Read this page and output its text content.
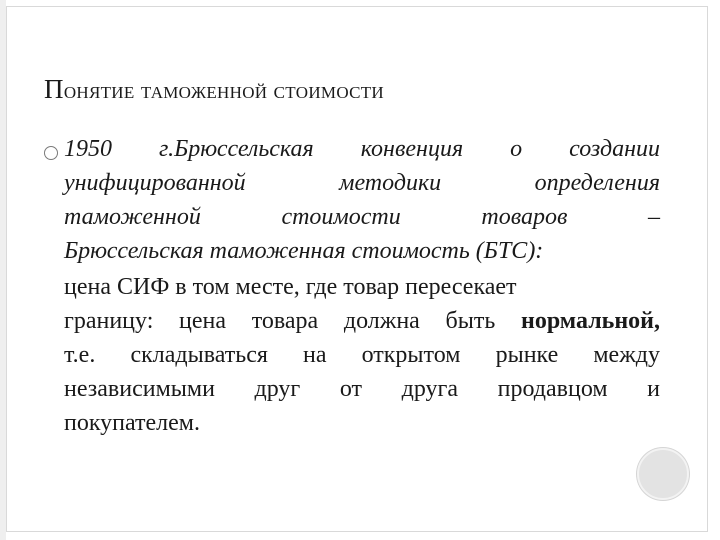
Понятие таможенной стоимости
1950 г.Брюссельская конвенция о создании
унифицированной методики определения
таможенной стоимости товаров –
Брюссельская таможенная стоимость (БТС):
цена СИФ в том месте, где товар пересекает
границу: цена товара должна быть нормальной,
т.е. складываться на открытом рынке между
независимыми друг от друга продавцом и
покупателем.
